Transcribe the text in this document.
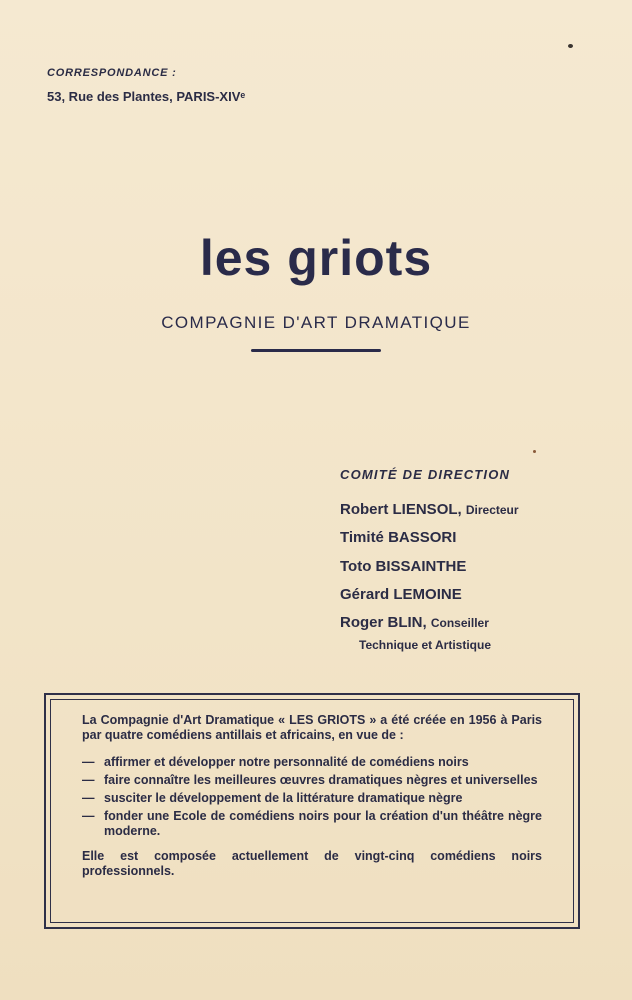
CORRESPONDANCE :
53, Rue des Plantes, PARIS-XIVᵉ
les griots
COMPAGNIE D'ART DRAMATIQUE
COMITÉ DE DIRECTION
Robert LIENSOL, Directeur
Timité BASSORI
Toto BISSAINTHE
Gérard LEMOINE
Roger BLIN, Conseiller
Technique et Artistique

La Compagnie d'Art Dramatique « LES GRIOTS » a été créée en 1956 à Paris par quatre comédiens antillais et africains, en vue de :

— affirmer et développer notre personnalité de comédiens noirs
— faire connaître les meilleures œuvres dramatiques nègres et universelles
— susciter le développement de la littérature dramatique nègre
— fonder une Ecole de comédiens noirs pour la création d'un théâtre nègre moderne.

Elle est composée actuellement de vingt-cinq comédiens noirs professionnels.
